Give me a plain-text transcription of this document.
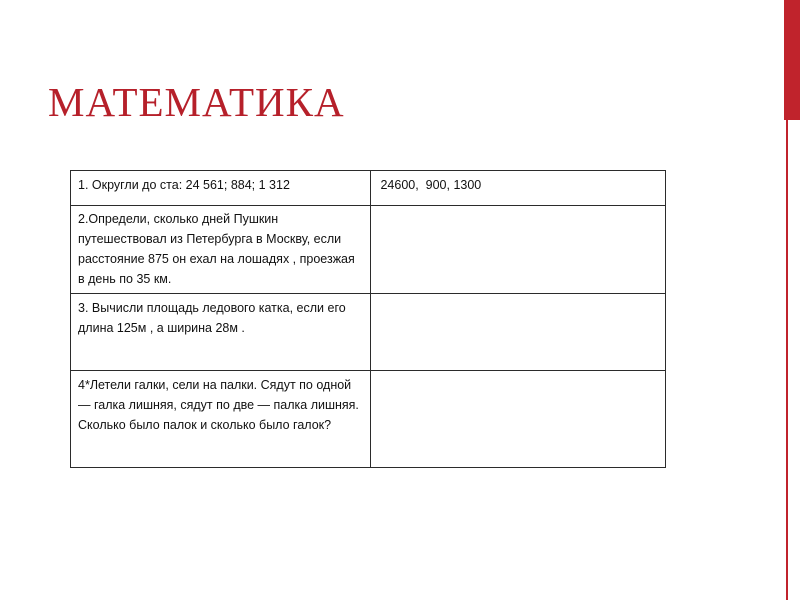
МАТЕМАТИКА
1. Округли до ста: 24 561; 884; 1 312	24600,  900, 1300
2.Определи, сколько дней Пушкин путешествовал из Петербурга в Москву, если расстояние 875 он ехал на лошадях , проезжая в день по 35 км.	
3. Вычисли площадь ледового катка, если его длина 125м , а ширина 28м .	
4*Летели галки, сели на палки. Сядут по одной — галка лишняя, сядут по две — палка лишняя. Сколько было палок и сколько было галок?	
